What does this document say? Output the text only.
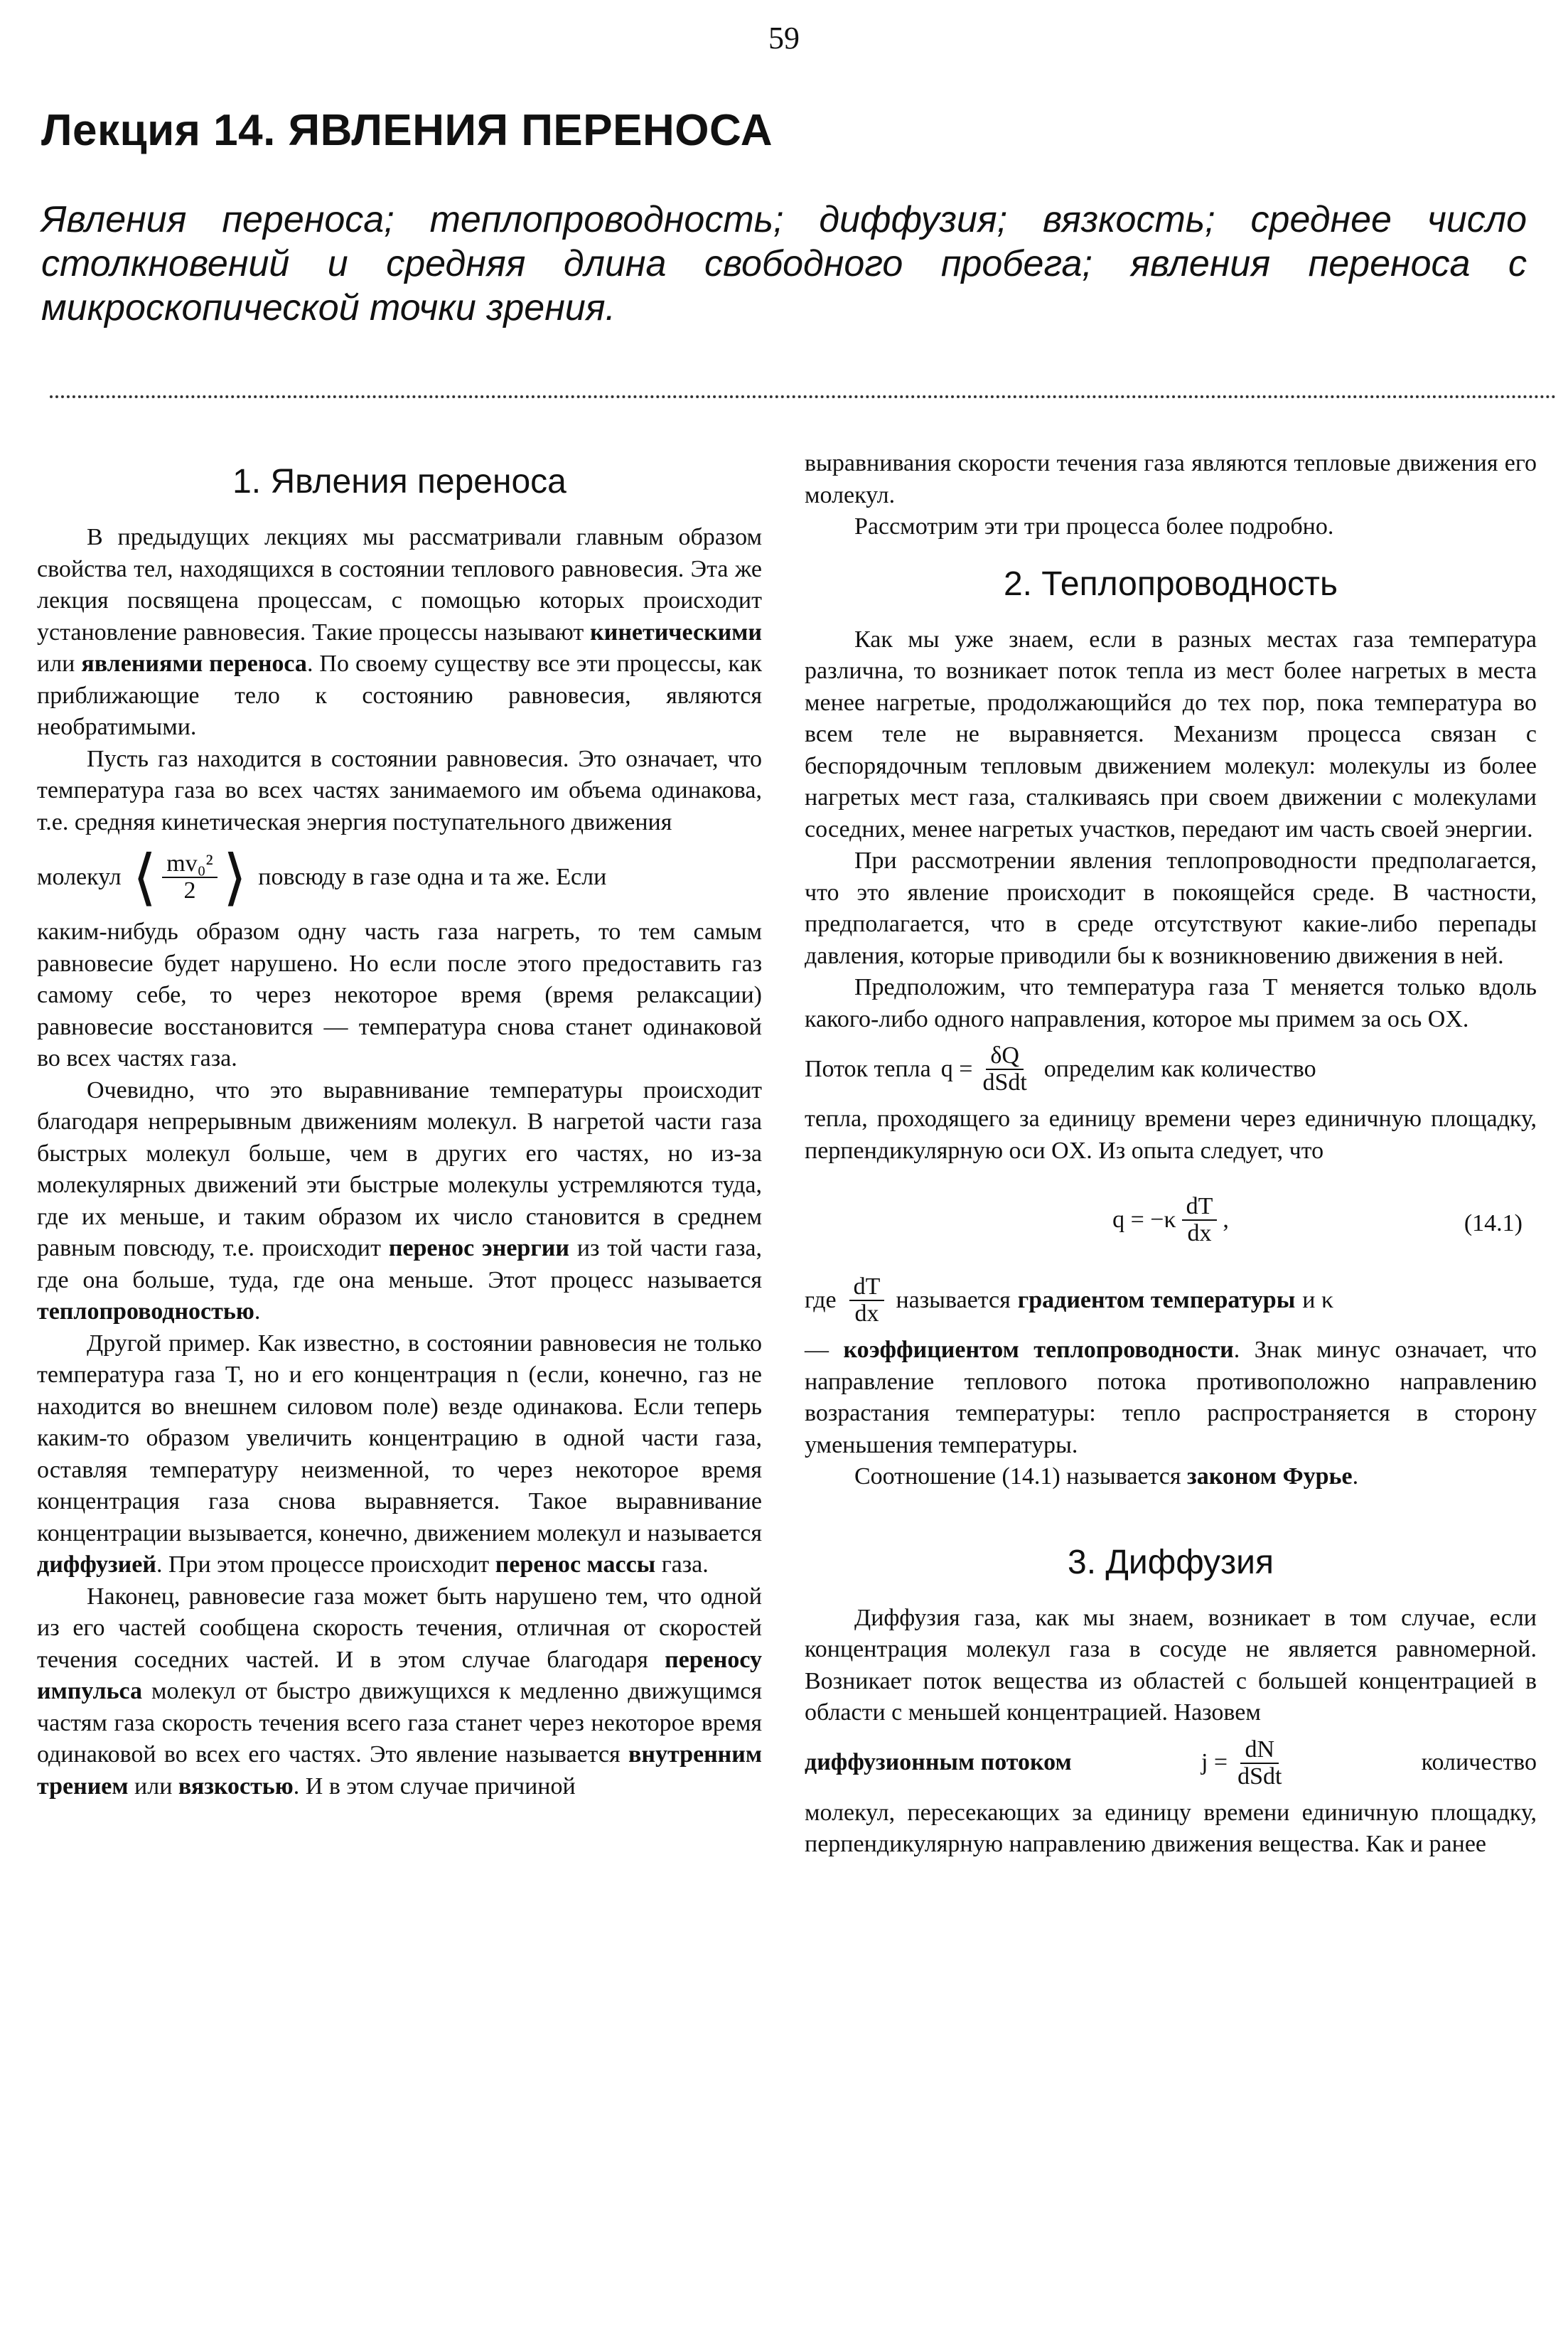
59
Лекция 14. ЯВЛЕНИЯ ПЕРЕНОСА

Явления переноса; теплопроводность; диффузия; вязкость; среднее число столкновений и средняя длина свободного пробега; явления переноса с микроскопической точки зрения.

1. Явления переноса

В предыдущих лекциях мы рассматривали главным образом свойства тел, находящихся в состоянии теплового равновесия. Эта же лекция посвящена процессам, с помощью которых происходит установление равновесия. Такие процессы называют кинетическими или явлениями переноса. По своему существу все эти процессы, как приближающие тело к состоянию равновесия, являются необратимыми.

Пусть газ находится в состоянии равновесия. Это означает, что температура газа во всех частях занимаемого им объема одинакова, т.е. средняя кинетическая энергия поступательного движения

молекул ⟨ $\frac{\text{mv₀²}}{2}$ ⟩ повсюду в газе одна и та же. Если

каким-нибудь образом одну часть газа нагреть, то тем самым равновесие будет нарушено. Но если после этого предоставить газ самому себе, то через некоторое время (время релаксации) равновесие восстановится — температура снова станет одинаковой во всех частях газа.

Очевидно, что это выравнивание температуры происходит благодаря непрерывным движениям молекул. В нагретой части газа быстрых молекул больше, чем в других его частях, но из-за молекулярных движений эти быстрые молекулы устремляются туда, где их меньше, и таким образом их число становится в среднем равным повсюду, т.е. происходит перенос энергии из той части газа, где она больше, туда, где она меньше. Этот процесс называется теплопроводностью.

Другой пример. Как известно, в состоянии равновесия не только температура газа T, но и его концентрация n (если, конечно, газ не находится во внешнем силовом поле) везде одинакова. Если теперь каким-то образом увеличить концентрацию в одной части газа, оставляя температуру неизменной, то через некоторое время концентрация газа снова выравняется. Такое выравнивание концентрации вызывается, конечно, движением молекул и называется диффузией. При этом процессе происходит перенос массы газа.

Наконец, равновесие газа может быть нарушено тем, что одной из его частей сообщена скорость течения, отличная от скоростей течения соседних частей. И в этом случае благодаря переносу импульса молекул от быстро движущихся к медленно движущимся частям газа скорость течения всего газа станет через некоторое время одинаковой во всех его частях. Это явление называется внутренним трением или вязкостью. И в этом случае причиной

выравнивания скорости течения газа являются тепловые движения его молекул.

Рассмотрим эти три процесса более подробно.

2. Теплопроводность

Как мы уже знаем, если в разных местах газа температура различна, то возникает поток тепла из мест более нагретых в места менее нагретые, продолжающийся до тех пор, пока температура во всем теле не выравняется. Механизм процесса связан с беспорядочным тепловым движением молекул: молекулы из более нагретых мест газа, сталкиваясь при своем движении с молекулами соседних, менее нагретых участков, передают им часть своей энергии.

При рассмотрении явления теплопроводности предполагается, что это явление происходит в покоящейся среде. В частности, предполагается, что в среде отсутствуют какие-либо перепады давления, которые приводили бы к возникновению движения в ней.

Предположим, что температура газа T меняется только вдоль какого-либо одного направления, которое мы примем за ось OX.

Поток тепла $q = \frac{\delta Q}{\text{dSdt}}$ определим как количество

тепла, проходящего за единицу времени через единичную площадку, перпендикулярную оси OX. Из опыта следует, что

$q = -\kappa \frac{dT}{dx}$ ,	(14.1)
где $\frac{dT}{dx}$ называется градиентом температуры и κ

— коэффициентом теплопроводности. Знак минус означает, что направление теплового потока противоположно направлению возрастания температуры: тепло распространяется в сторону уменьшения температуры.

Соотношение (14.1) называется законом Фурье.

3. Диффузия

Диффузия газа, как мы знаем, возникает в том случае, если концентрация молекул газа в сосуде не является равномерной. Возникает поток вещества из областей с большей концентрацией в области с меньшей концентрацией. Назовем

диффузионным потоком	$j = \frac{dN}{\text{dSdt}}$	количество

молекул, пересекающих за единицу времени единичную площадку, перпендикулярную направлению движения вещества. Как и ранее
